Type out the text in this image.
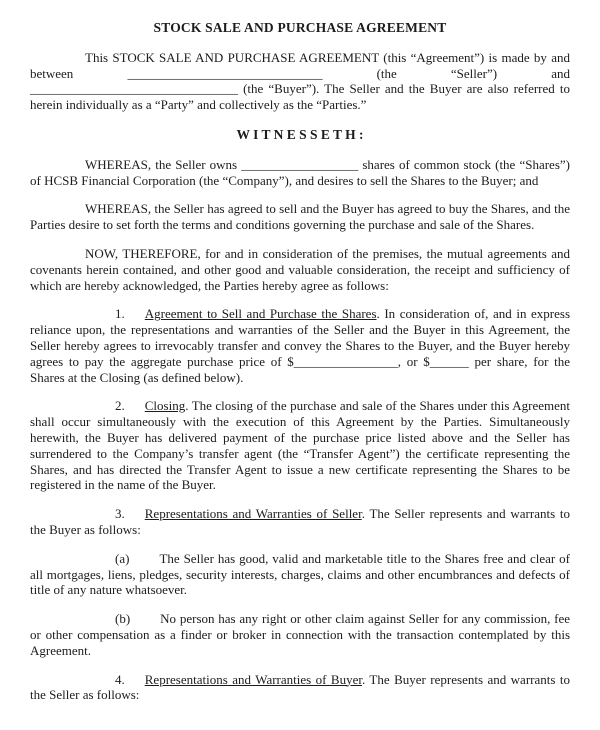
STOCK SALE AND PURCHASE AGREEMENT

This STOCK SALE AND PURCHASE AGREEMENT (this “Agreement”) is made by and between ______________________________ (the “Seller”) and ________________________________ (the “Buyer”). The Seller and the Buyer are also referred to herein individually as a “Party” and collectively as the “Parties.”

W I T N E S S E T H :

WHEREAS, the Seller owns __________________ shares of common stock (the “Shares”) of HCSB Financial Corporation (the “Company”), and desires to sell the Shares to the Buyer; and

WHEREAS, the Seller has agreed to sell and the Buyer has agreed to buy the Shares, and the Parties desire to set forth the terms and conditions governing the purchase and sale of the Shares.

NOW, THEREFORE, for and in consideration of the premises, the mutual agreements and covenants herein contained, and other good and valuable consideration, the receipt and sufficiency of which are hereby acknowledged, the Parties hereby agree as follows:

1. Agreement to Sell and Purchase the Shares. In consideration of, and in express reliance upon, the representations and warranties of the Seller and the Buyer in this Agreement, the Seller hereby agrees to irrevocably transfer and convey the Shares to the Buyer, and the Buyer hereby agrees to pay the aggregate purchase price of $________________, or $______ per share, for the Shares at the Closing (as defined below).

2. Closing. The closing of the purchase and sale of the Shares under this Agreement shall occur simultaneously with the execution of this Agreement by the Parties. Simultaneously herewith, the Buyer has delivered payment of the purchase price listed above and the Seller has surrendered to the Company’s transfer agent (the “Transfer Agent”) the certificate representing the Shares, and has directed the Transfer Agent to issue a new certificate representing the Shares to be registered in the name of the Buyer.

3. Representations and Warranties of Seller. The Seller represents and warrants to the Buyer as follows:

(a) The Seller has good, valid and marketable title to the Shares free and clear of all mortgages, liens, pledges, security interests, charges, claims and other encumbrances and defects of title of any nature whatsoever.

(b) No person has any right or other claim against Seller for any commission, fee or other compensation as a finder or broker in connection with the transaction contemplated by this Agreement.

4. Representations and Warranties of Buyer. The Buyer represents and warrants to the Seller as follows:
